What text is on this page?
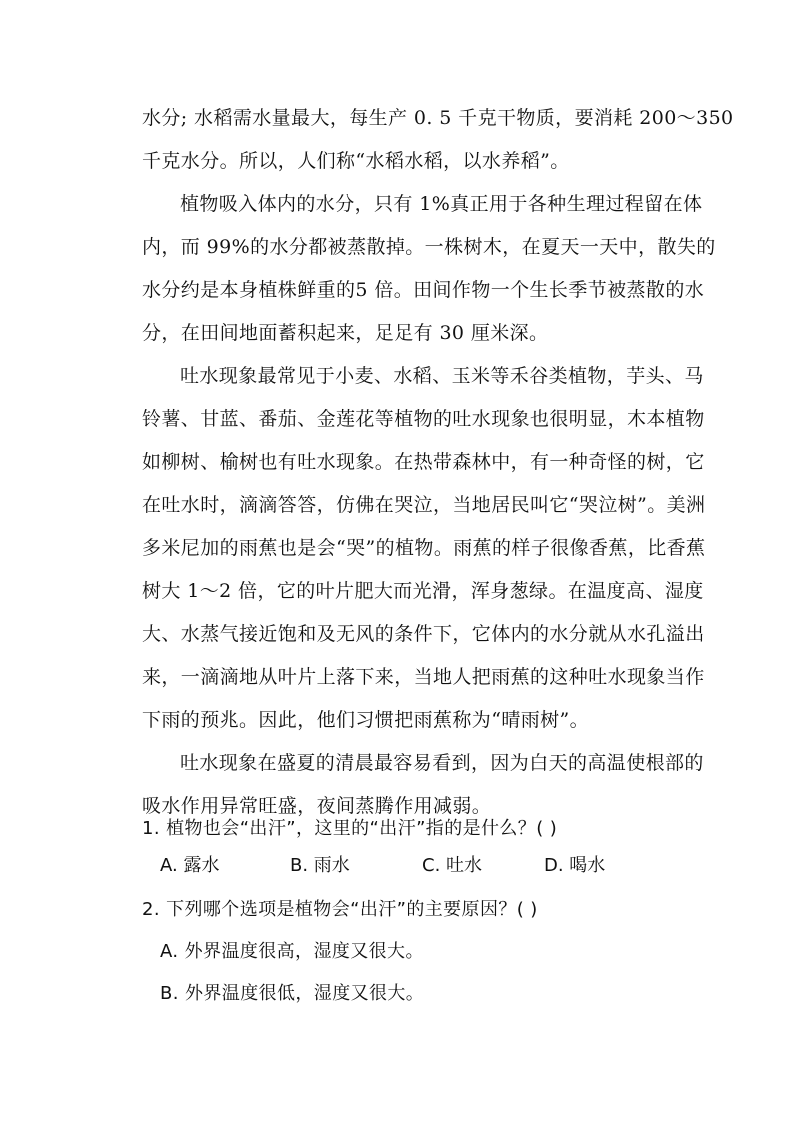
水分; 水稻需水量最大，每生产 0. 5 千克干物质，要消耗 200～350
千克水分。所以，人们称“水稻水稻，以水养稻”。
植物吸入体内的水分，只有 1%真正用于各种生理过程留在体
内，而 99%的水分都被蒸散掉。一株树木，在夏天一天中，散失的
水分约是本身植株鲜重的5 倍。田间作物一个生长季节被蒸散的水
分，在田间地面蓄积起来，足足有 30 厘米深。
吐水现象最常见于小麦、水稻、玉米等禾谷类植物，芋头、马
铃薯、甘蓝、番茄、金莲花等植物的吐水现象也很明显，木本植物
如柳树、榆树也有吐水现象。在热带森林中，有一种奇怪的树，它
在吐水时，滴滴答答，仿佛在哭泣，当地居民叫它“哭泣树”。美洲
多米尼加的雨蕉也是会“哭”的植物。雨蕉的样子很像香蕉，比香蕉
树大 1～2 倍，它的叶片肥大而光滑，浑身葱绿。在温度高、湿度
大、水蒸气接近饱和及无风的条件下，它体内的水分就从水孔溢出
来，一滴滴地从叶片上落下来，当地人把雨蕉的这种吐水现象当作
下雨的预兆。因此，他们习惯把雨蕉称为“晴雨树”。
吐水现象在盛夏的清晨最容易看到，因为白天的高温使根部的
吸水作用异常旺盛，夜间蒸腾作用减弱。
1. 植物也会“出汗”，这里的“出汗”指的是什么？( )
A. 露水	B. 雨水	C. 吐水	D. 喝水
2. 下列哪个选项是植物会“出汗”的主要原因？( )
A. 外界温度很高，湿度又很大。
B. 外界温度很低，湿度又很大。
